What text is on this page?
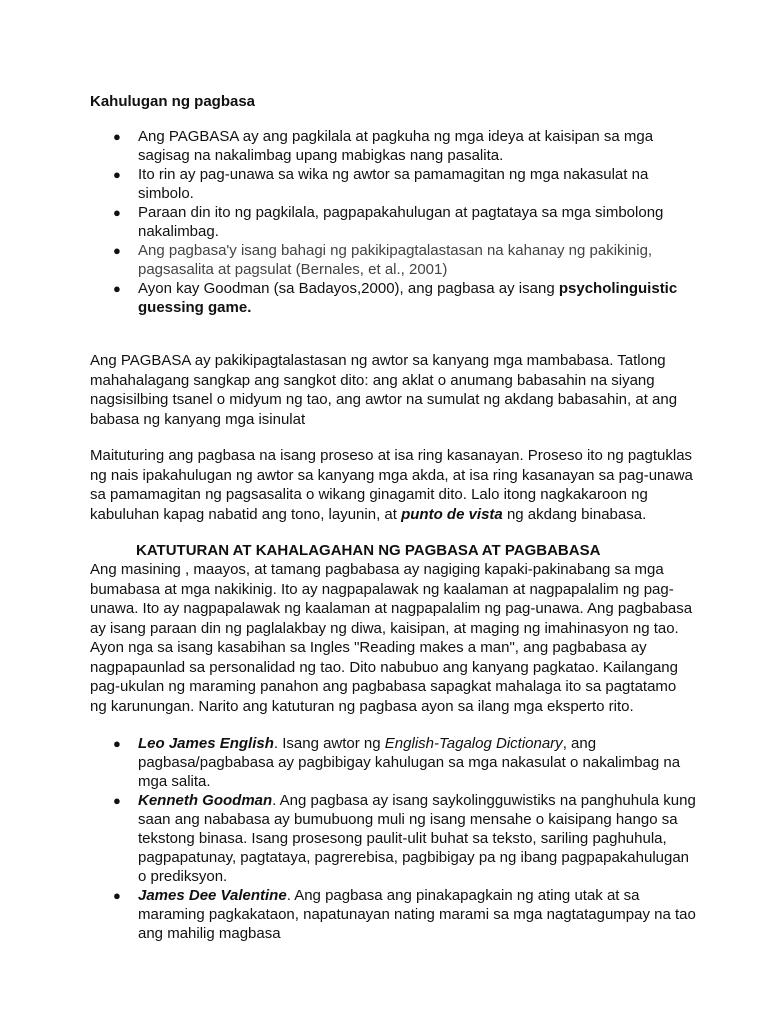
Kahulugan ng pagbasa
● Ang PAGBASA ay ang pagkilala at pagkuha ng mga ideya at kaisipan sa mga sagisag na nakalimbag upang mabigkas nang pasalita.
● Ito rin ay pag-unawa sa wika ng awtor sa pamamagitan ng mga nakasulat na simbolo.
● Paraan din ito ng pagkilala, pagpapakahulugan at pagtataya sa mga simbolong nakalimbag.
● Ang pagbasa'y isang bahagi ng pakikipagtalastasan na kahanay ng pakikinig, pagsasalita at pagsulat (Bernales, et al., 2001)
● Ayon kay Goodman (sa Badayos,2000), ang pagbasa ay isang psycholinguistic guessing game.

Ang PAGBASA ay pakikipagtalastasan ng awtor sa kanyang mga mambabasa. Tatlong mahahalagang sangkap ang sangkot dito: ang aklat o anumang babasahin na siyang nagsisilbing tsanel o midyum ng tao, ang awtor na sumulat ng akdang babasahin, at ang babasa ng kanyang mga isinulat

Maituturing ang pagbasa na isang proseso at isa ring kasanayan. Proseso ito ng pagtuklas ng nais ipakahulugan ng awtor sa kanyang mga akda, at isa ring kasanayan sa pag-unawa sa pamamagitan ng pagsasalita o wikang ginagamit dito. Lalo itong nagkakaroon ng kabuluhan kapag nabatid ang tono, layunin, at punto de vista ng akdang binabasa.

KATUTURAN AT KAHALAGAHAN NG PAGBASA AT PAGBABASA

Ang masining , maayos, at tamang pagbabasa ay nagiging kapaki-pakinabang sa mga bumabasa at mga nakikinig. Ito ay nagpapalawak ng kaalaman at nagpapalalim ng pag-unawa. Ito ay nagpapalawak ng kaalaman at nagpapalalim ng pag-unawa. Ang pagbabasa ay isang paraan din ng paglalakbay ng diwa, kaisipan, at maging ng imahinasyon ng tao. Ayon nga sa isang kasabihan sa Ingles "Reading makes a man", ang pagbabasa ay nagpapaunlad sa personalidad ng tao. Dito nabubuo ang kanyang pagkatao. Kailangang pag-ukulan ng maraming panahon ang pagbabasa sapagkat mahalaga ito sa pagtatamo ng karunungan. Narito ang katuturan ng pagbasa ayon sa ilang mga eksperto rito.

● Leo James English. Isang awtor ng English-Tagalog Dictionary, ang pagbasa/pagbabasa ay pagbibigay kahulugan sa mga nakasulat o nakalimbag na mga salita.
● Kenneth Goodman. Ang pagbasa ay isang saykolingguwistiks na panghuhula kung saan ang nababasa ay bumubuong muli ng isang mensahe o kaisipang hango sa tekstong binasa. Isang prosesong paulit-ulit buhat sa teksto, sariling paghuhula, pagpapatunay, pagtataya, pagrerebisa, pagbibigay pa ng ibang pagpapakahulugan o prediksyon.
● James Dee Valentine. Ang pagbasa ang pinakapagkain ng ating utak at sa maraming pagkakataon, napatunayan nating marami sa mga nagtatagumpay na tao ang mahilig magbasa
